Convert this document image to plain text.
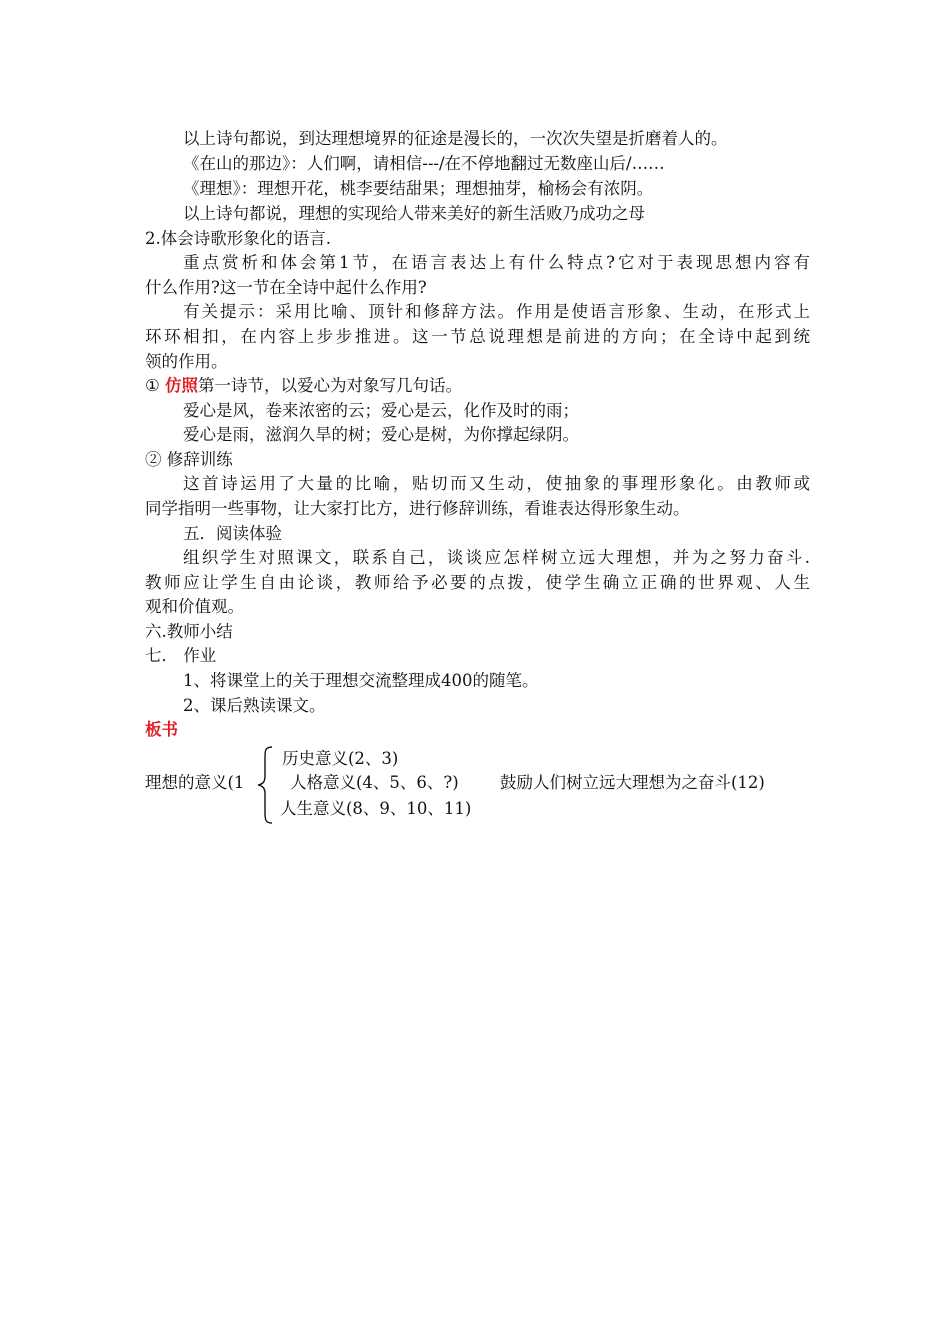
以上诗句都说，到达理想境界的征途是漫长的，一次次失望是折磨着人的。
《在山的那边》：人们啊，请相信---/在不停地翻过无数座山后/……
《理想》：理想开花，桃李要结甜果；理想抽芽，榆杨会有浓阴。
以上诗句都说，理想的实现给人带来美好的新生活败乃成功之母
2.体会诗歌形象化的语言.
重点赏析和体会第1节，在语言表达上有什么特点?它对于表现思想内容有
什么作用?这一节在全诗中起什么作用?
有关提示：采用比喻、顶针和修辞方法。作用是使语言形象、生动，在形式上
环环相扣，在内容上步步推进。这一节总说理想是前进的方向；在全诗中起到统
领的作用。
① 仿照第一诗节，以爱心为对象写几句话。
爱心是风，卷来浓密的云；爱心是云，化作及时的雨；
爱心是雨，滋润久旱的树；爱心是树，为你撑起绿阴。
② 修辞训练
这首诗运用了大量的比喻，贴切而又生动，使抽象的事理形象化。由教师或
同学指明一些事物，让大家打比方，进行修辞训练，看谁表达得形象生动。
五．阅读体验
组织学生对照课文，联系自己，谈谈应怎样树立远大理想，并为之努力奋斗.
教师应让学生自由论谈，教师给予必要的点拨，使学生确立正确的世界观、人生
观和价值观。
六.教师小结
七． 作业
1、将课堂上的关于理想交流整理成400的随笔。
2、课后熟读课文。
板书
理想的意义(1
历史意义(2、3)
人格意义(4、5、6、?)	鼓励人们树立远大理想为之奋斗(12)
人生意义(8、9、10、11)
